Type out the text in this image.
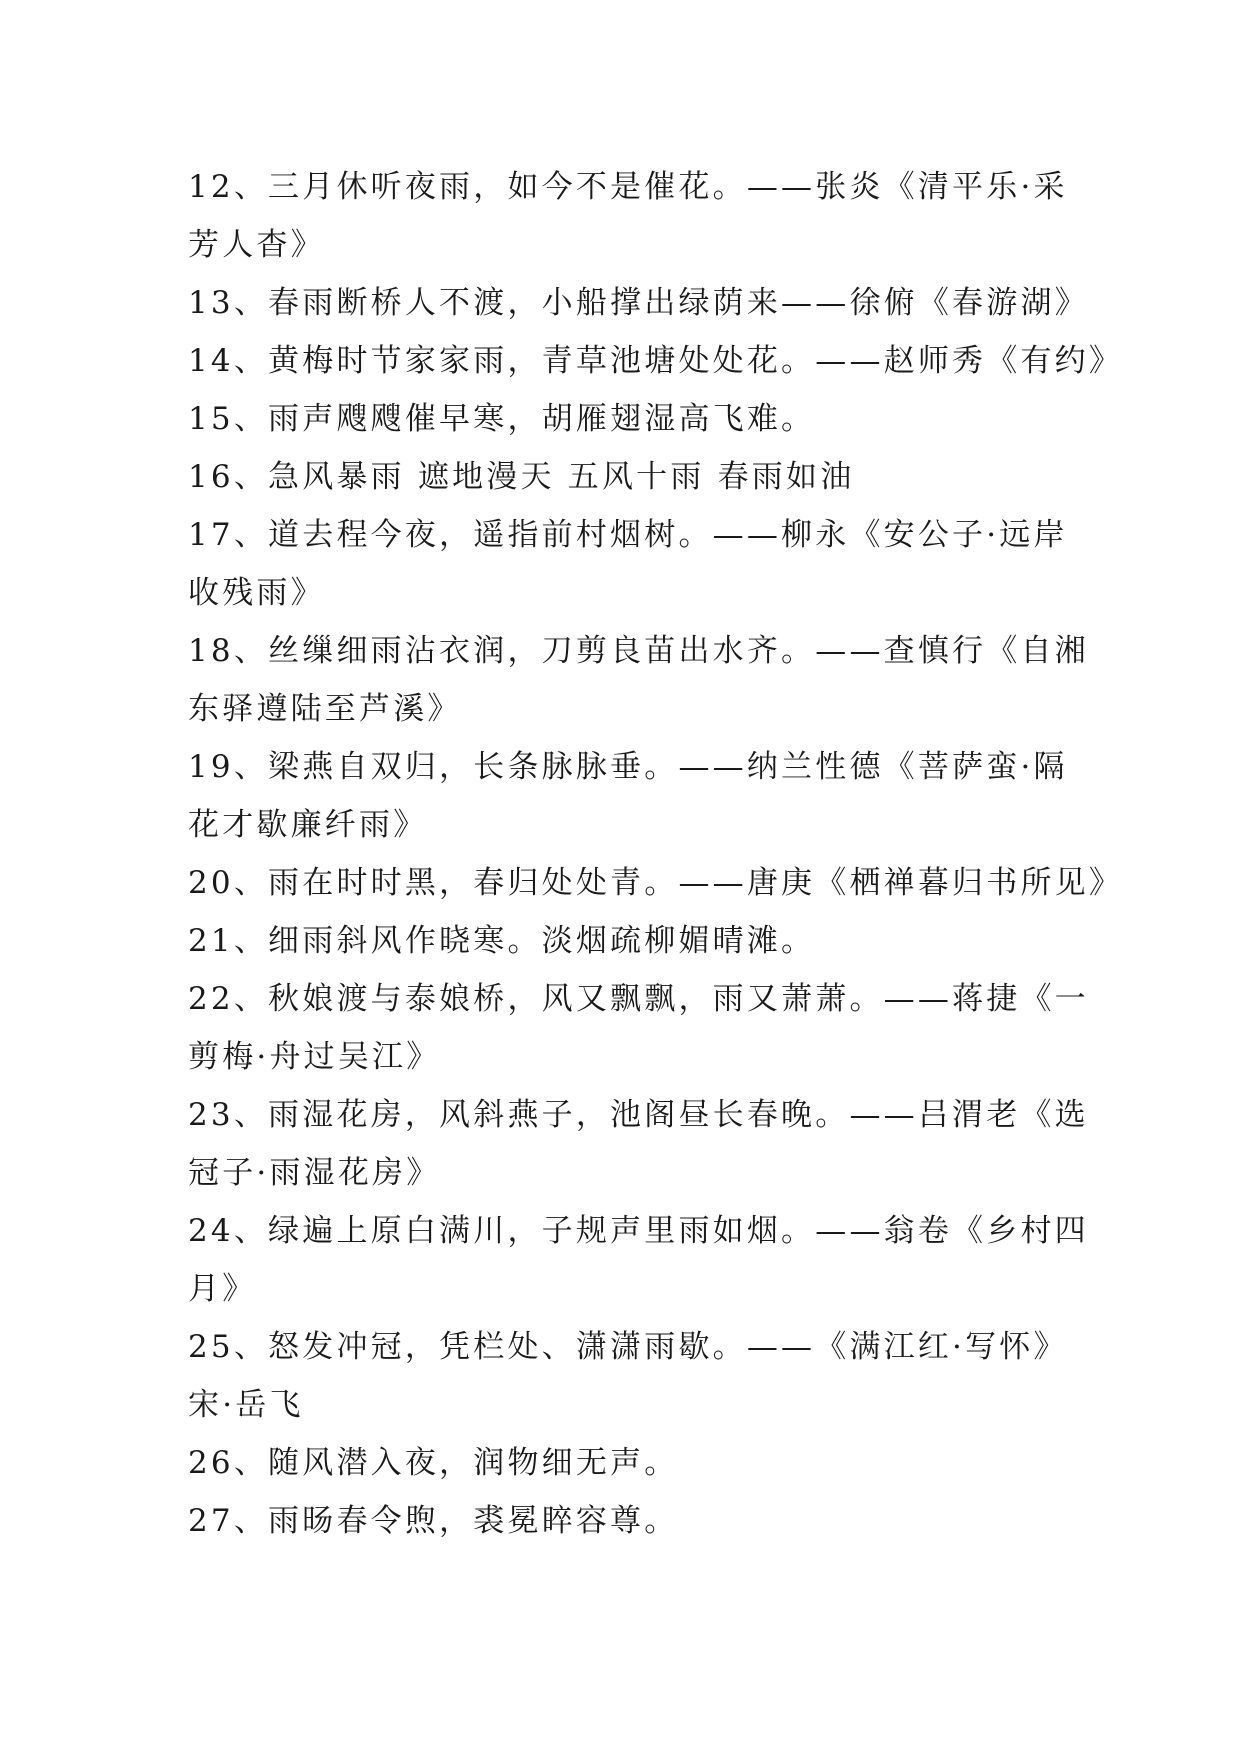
12、三月休听夜雨，如今不是催花。——张炎《清平乐·采
芳人杳》
13、春雨断桥人不渡，小船撑出绿荫来——徐俯《春游湖》
14、黄梅时节家家雨，青草池塘处处花。——赵师秀《有约》
15、雨声飕飕催早寒，胡雁翅湿高飞难。
16、急风暴雨 遮地漫天 五风十雨 春雨如油
17、道去程今夜，遥指前村烟树。——柳永《安公子·远岸
收残雨》
18、丝缫细雨沾衣润，刀剪良苗出水齐。——查慎行《自湘
东驿遵陆至芦溪》
19、梁燕自双归，长条脉脉垂。——纳兰性德《菩萨蛮·隔
花才歇廉纤雨》
20、雨在时时黑，春归处处青。——唐庚《栖禅暮归书所见》
21、细雨斜风作晓寒。淡烟疏柳媚晴滩。
22、秋娘渡与泰娘桥，风又飘飘，雨又萧萧。——蒋捷《一
剪梅·舟过吴江》
23、雨湿花房，风斜燕子，池阁昼长春晚。——吕渭老《选
冠子·雨湿花房》
24、绿遍上原白满川，子规声里雨如烟。——翁卷《乡村四
月》
25、怒发冲冠，凭栏处、潇潇雨歇。——《满江红·写怀》
宋·岳飞
26、随风潜入夜，润物细无声。
27、雨旸春令煦，裘冕睟容尊。
